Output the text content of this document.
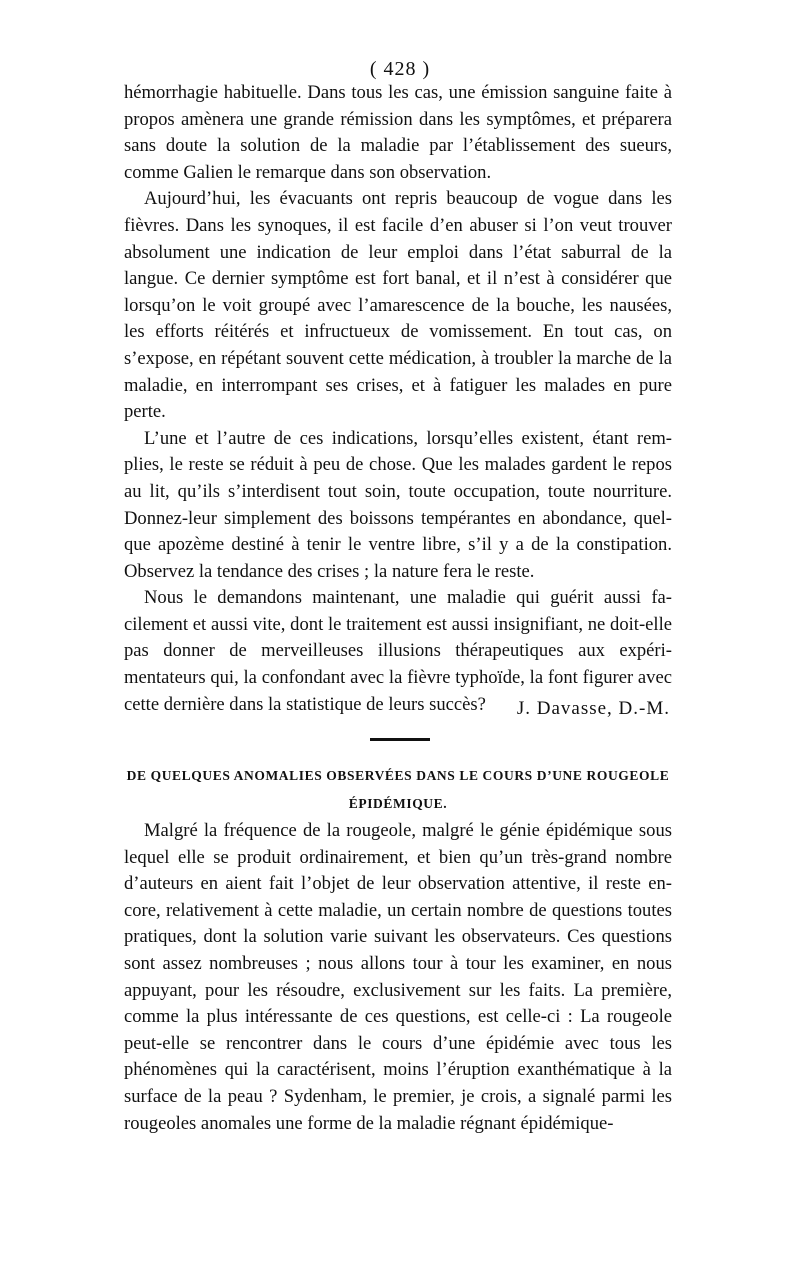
( 428 )

hémorrhagie habituelle. Dans tous les cas, une émission sanguine faite à propos amènera une grande rémission dans les symptômes, et préparera sans doute la solution de la maladie par l’établissement des sueurs, comme Galien le remarque dans son observation.

Aujourd’hui, les évacuants ont repris beaucoup de vogue dans les fièvres. Dans les synoques, il est facile d’en abuser si l’on veut trouver absolument une indication de leur emploi dans l’état saburral de la langue. Ce dernier symptôme est fort banal, et il n’est à considérer que lorsqu’on le voit groupé avec l’amarescence de la bouche, les nausées, les efforts réitérés et infructueux de vomissement. En tout cas, on s’expose, en répétant souvent cette médication, à troubler la marche de la maladie, en interrompant ses crises, et à fatiguer les malades en pure perte.

L’une et l’autre de ces indications, lorsqu’elles existent, étant remplies, le reste se réduit à peu de chose. Que les malades gardent le repos au lit, qu’ils s’interdisent tout soin, toute occupation, toute nourriture. Donnez-leur simplement des boissons tempérantes en abondance, quelque apozème destiné à tenir le ventre libre, s’il y a de la constipation. Observez la tendance des crises ; la nature fera le reste.

Nous le demandons maintenant, une maladie qui guérit aussi facilement et aussi vite, dont le traitement est aussi insignifiant, ne doit-elle pas donner de merveilleuses illusions thérapeutiques aux expérimentateurs qui, la confondant avec la fièvre typhoïde, la font figurer avec cette dernière dans la statistique de leurs succès?	J. Davasse, D.-M.
DE QUELQUES ANOMALIES OBSERVÉES DANS LE COURS D’UNE ROUGEOLE ÉPIDÉMIQUE.

Malgré la fréquence de la rougeole, malgré le génie épidémique sous lequel elle se produit ordinairement, et bien qu’un très-grand nombre d’auteurs en aient fait l’objet de leur observation attentive, il reste encore, relativement à cette maladie, un certain nombre de questions toutes pratiques, dont la solution varie suivant les observateurs. Ces questions sont assez nombreuses ; nous allons tour à tour les examiner, en nous appuyant, pour les résoudre, exclusivement sur les faits. La première, comme la plus intéressante de ces questions, est celle-ci : La rougeole peut-elle se rencontrer dans le cours d’une épidémie avec tous les phénomènes qui la caractérisent, moins l’éruption exanthématique à la surface de la peau ? Sydenham, le premier, je crois, a signalé parmi les rougeoles anomales une forme de la maladie régnant épidémique-
